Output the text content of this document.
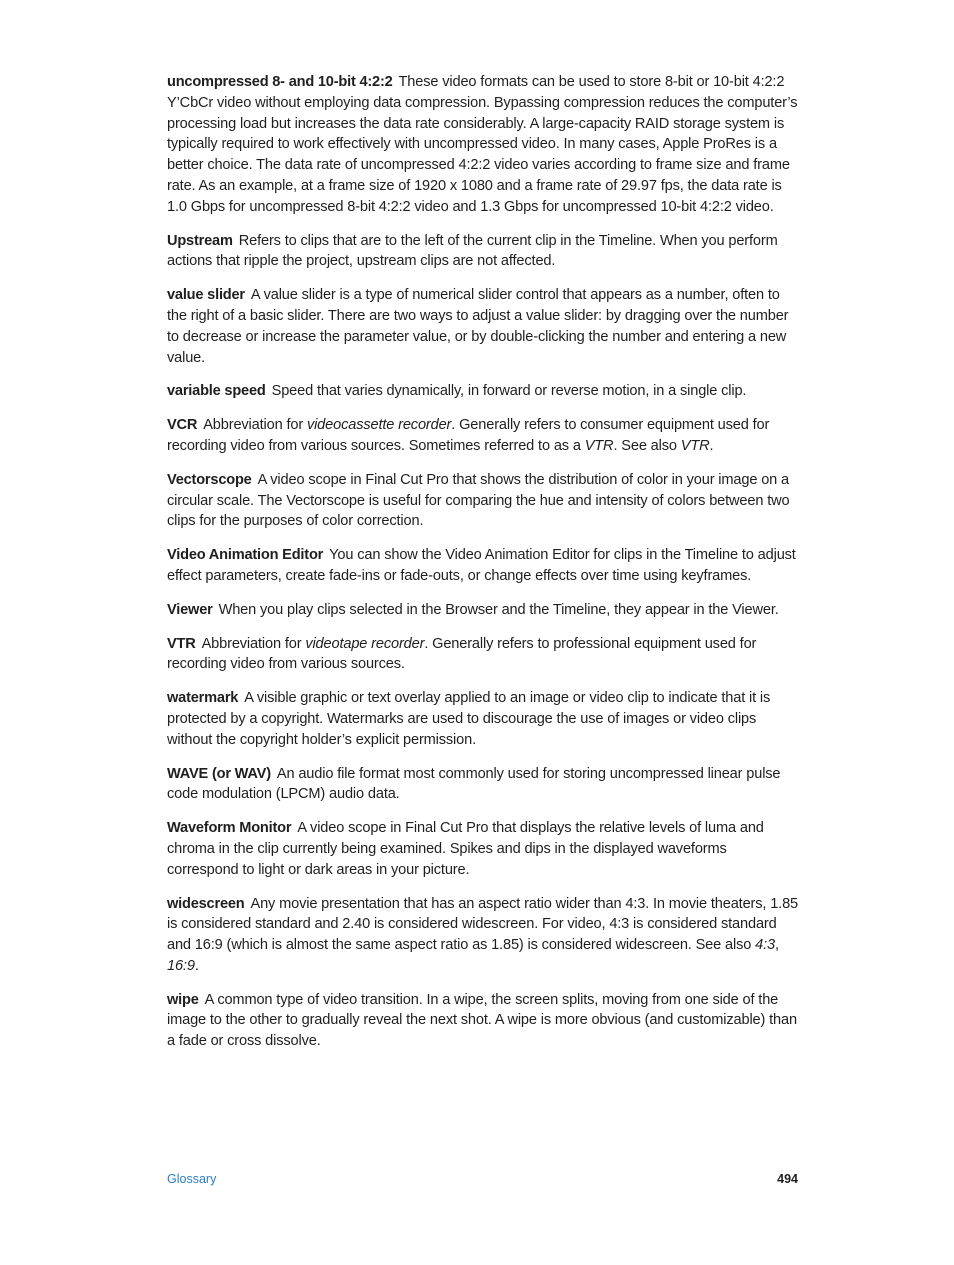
uncompressed 8- and 10-bit 4:2:2 These video formats can be used to store 8-bit or 10-bit 4:2:2 Y’CbCr video without employing data compression. Bypassing compression reduces the computer’s processing load but increases the data rate considerably. A large-capacity RAID storage system is typically required to work effectively with uncompressed video. In many cases, Apple ProRes is a better choice. The data rate of uncompressed 4:2:2 video varies according to frame size and frame rate. As an example, at a frame size of 1920 x 1080 and a frame rate of 29.97 fps, the data rate is 1.0 Gbps for uncompressed 8-bit 4:2:2 video and 1.3 Gbps for uncompressed 10-bit 4:2:2 video.

Upstream Refers to clips that are to the left of the current clip in the Timeline. When you perform actions that ripple the project, upstream clips are not affected.

value slider A value slider is a type of numerical slider control that appears as a number, often to the right of a basic slider. There are two ways to adjust a value slider: by dragging over the number to decrease or increase the parameter value, or by double-clicking the number and entering a new value.

variable speed Speed that varies dynamically, in forward or reverse motion, in a single clip.

VCR Abbreviation for videocassette recorder. Generally refers to consumer equipment used for recording video from various sources. Sometimes referred to as a VTR. See also VTR.

Vectorscope A video scope in Final Cut Pro that shows the distribution of color in your image on a circular scale. The Vectorscope is useful for comparing the hue and intensity of colors between two clips for the purposes of color correction.

Video Animation Editor You can show the Video Animation Editor for clips in the Timeline to adjust effect parameters, create fade-ins or fade-outs, or change effects over time using keyframes.

Viewer When you play clips selected in the Browser and the Timeline, they appear in the Viewer.

VTR Abbreviation for videotape recorder. Generally refers to professional equipment used for recording video from various sources.

watermark A visible graphic or text overlay applied to an image or video clip to indicate that it is protected by a copyright. Watermarks are used to discourage the use of images or video clips without the copyright holder’s explicit permission.

WAVE (or WAV) An audio file format most commonly used for storing uncompressed linear pulse code modulation (LPCM) audio data.

Waveform Monitor A video scope in Final Cut Pro that displays the relative levels of luma and chroma in the clip currently being examined. Spikes and dips in the displayed waveforms correspond to light or dark areas in your picture.

widescreen Any movie presentation that has an aspect ratio wider than 4:3. In movie theaters, 1.85 is considered standard and 2.40 is considered widescreen. For video, 4:3 is considered standard and 16:9 (which is almost the same aspect ratio as 1.85) is considered widescreen. See also 4:3, 16:9.

wipe A common type of video transition. In a wipe, the screen splits, moving from one side of the image to the other to gradually reveal the next shot. A wipe is more obvious (and customizable) than a fade or cross dissolve.

Glossary	494
